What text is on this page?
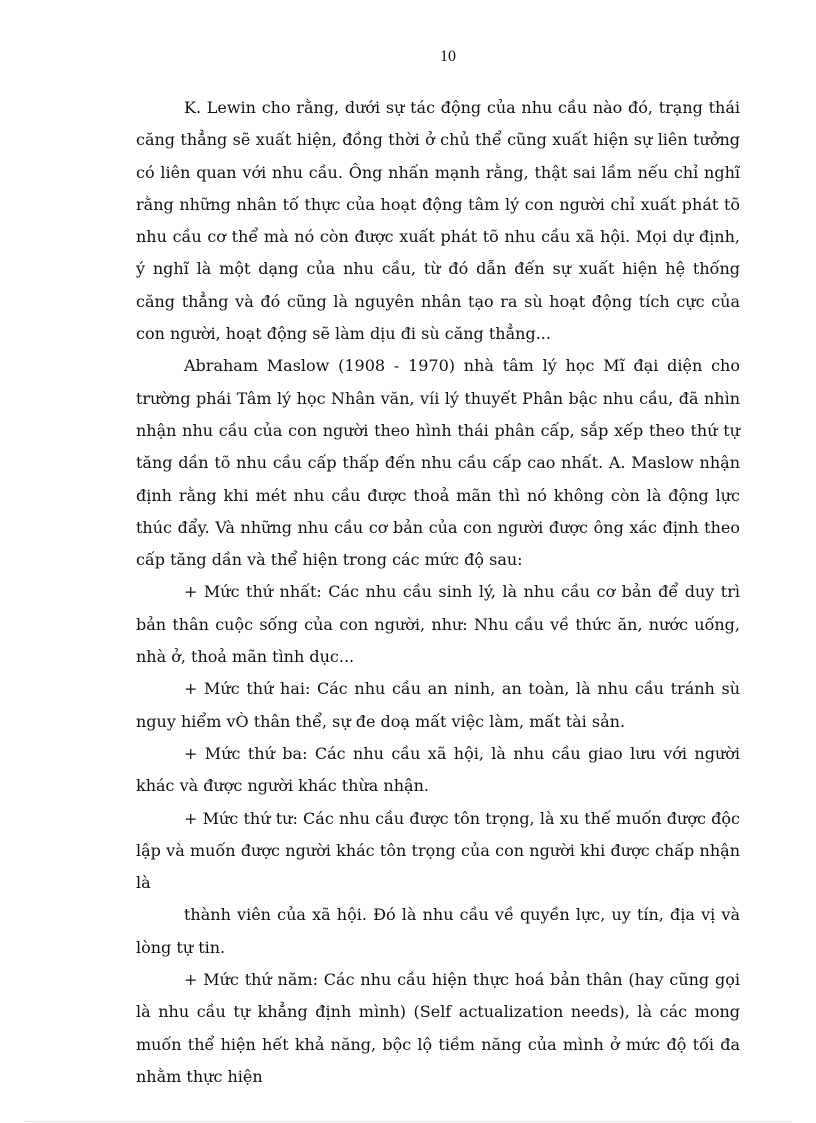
10

K. Lewin cho rằng, dưới sự tác động của nhu cầu nào đó, trạng thái căng thẳng sẽ xuất hiện, đồng thời ở chủ thể cũng xuất hiện sự liên tưởng có liên quan với nhu cầu. Ông nhấn mạnh rằng, thật sai lầm nếu chỉ nghĩ rằng những nhân tố thực của hoạt động tâm lý con người chỉ xuất phát tõ nhu cầu cơ thể mà nó còn được xuất phát tõ nhu cầu xã hội. Mọi dự định, ý nghĩ là một dạng của nhu cầu, từ đó dẫn đến sự xuất hiện hệ thống căng thẳng và đó cũng là nguyên nhân tạo ra sù hoạt động tích cực của con người, hoạt động sẽ làm dịu đi sù căng thẳng...

Abraham Maslow (1908 - 1970) nhà tâm lý học Mĩ đại diện cho trường phái Tâm lý học Nhân văn, víi lý thuyết Phân bậc nhu cầu, đã nhìn nhận nhu cầu của con người theo hình thái phân cấp, sắp xếp theo thứ tự tăng dần tõ nhu cầu cấp thấp đến nhu cầu cấp cao nhất. A. Maslow nhận định rằng khi mét nhu cầu được thoả mãn thì nó không còn là động lực thúc đẩy. Và những nhu cầu cơ bản của con người được ông xác định theo cấp tăng dần và thể hiện trong các mức độ sau:

+ Mức thứ nhất: Các nhu cầu sinh lý, là nhu cầu cơ bản để duy trì bản thân cuộc sống của con người, như: Nhu cầu về thức ăn, nước uống, nhà ở, thoả mãn tình dục...

+ Mức thứ hai: Các nhu cầu an ninh, an toàn, là nhu cầu tránh sù nguy hiểm vÒ thân thể, sự đe doạ mất việc làm, mất tài sản.

+ Mức thứ ba: Các nhu cầu xã hội, là nhu cầu giao lưu với người khác và được người khác thừa nhận.

+ Mức thứ tư: Các nhu cầu được tôn trọng, là xu thế muốn được độc lập và muốn được người khác tôn trọng của con người khi được chấp nhận là

thành viên của xã hội. Đó là nhu cầu về quyền lực, uy tín, địa vị và lòng tự tin.

+ Mức thứ năm: Các nhu cầu hiện thực hoá bản thân (hay cũng gọi là nhu cầu tự khẳng định mình) (Self actualization needs), là các mong muốn thể hiện hết khả năng, bộc lộ tiềm năng của mình ở mức độ tối đa nhằm thực hiện
